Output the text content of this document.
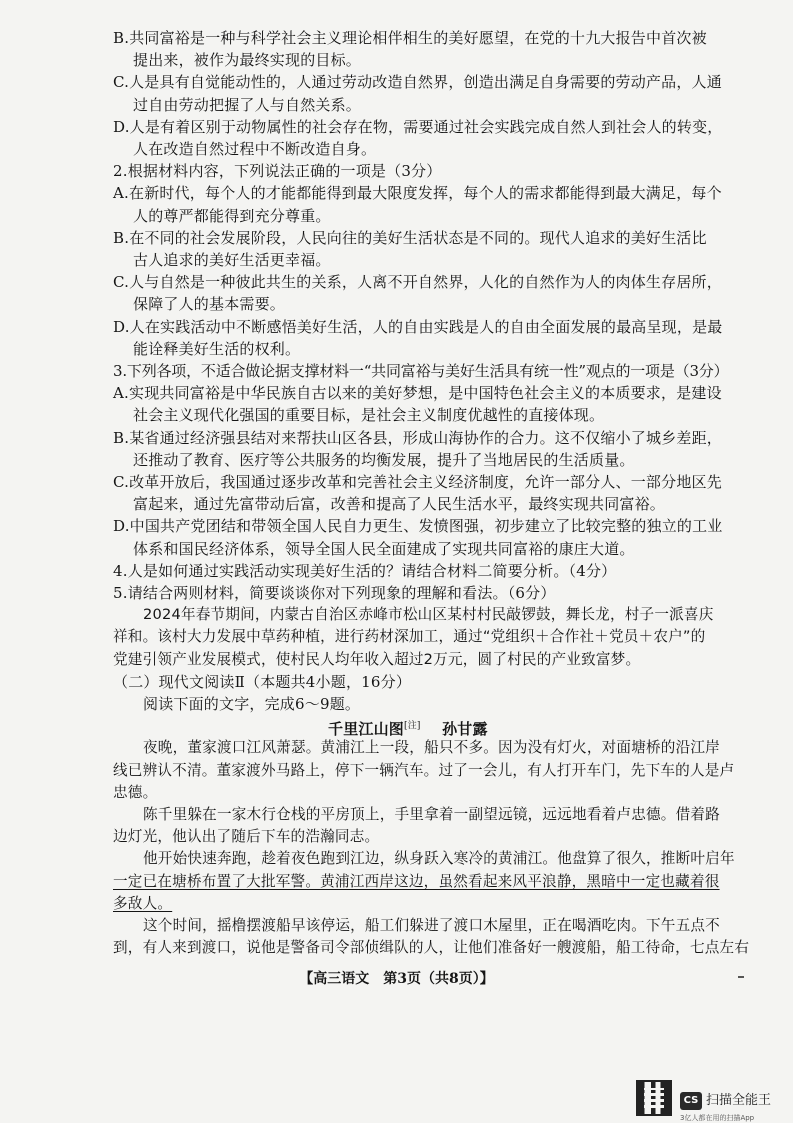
B.共同富裕是一种与科学社会主义理论相伴相生的美好愿望，在党的十九大报告中首次被
提出来，被作为最终实现的目标。
C.人是具有自觉能动性的，人通过劳动改造自然界，创造出满足自身需要的劳动产品，人通
过自由劳动把握了人与自然关系。
D.人是有着区别于动物属性的社会存在物，需要通过社会实践完成自然人到社会人的转变，
人在改造自然过程中不断改造自身。
2.根据材料内容，下列说法正确的一项是（3分）
A.在新时代，每个人的才能都能得到最大限度发挥，每个人的需求都能得到最大满足，每个
人的尊严都能得到充分尊重。
B.在不同的社会发展阶段，人民向往的美好生活状态是不同的。现代人追求的美好生活比
古人追求的美好生活更幸福。
C.人与自然是一种彼此共生的关系，人离不开自然界，人化的自然作为人的肉体生存居所，
保障了人的基本需要。
D.人在实践活动中不断感悟美好生活，人的自由实践是人的自由全面发展的最高呈现，是最
能诠释美好生活的权利。
3.下列各项，不适合做论据支撑材料一“共同富裕与美好生活具有统一性”观点的一项是（3分）
A.实现共同富裕是中华民族自古以来的美好梦想，是中国特色社会主义的本质要求，是建设
社会主义现代化强国的重要目标，是社会主义制度优越性的直接体现。
B.某省通过经济强县结对来帮扶山区各县，形成山海协作的合力。这不仅缩小了城乡差距，
还推动了教育、医疗等公共服务的均衡发展，提升了当地居民的生活质量。
C.改革开放后，我国通过逐步改革和完善社会主义经济制度，允许一部分人、一部分地区先
富起来，通过先富带动后富，改善和提高了人民生活水平，最终实现共同富裕。
D.中国共产党团结和带领全国人民自力更生、发愤图强，初步建立了比较完整的独立的工业
体系和国民经济体系，领导全国人民全面建成了实现共同富裕的康庄大道。
4.人是如何通过实践活动实现美好生活的？请结合材料二简要分析。（4分）
5.请结合两则材料，简要谈谈你对下列现象的理解和看法。（6分）
2024年春节期间，内蒙古自治区赤峰市松山区某村村民敲锣鼓，舞长龙，村子一派喜庆
祥和。该村大力发展中草药种植，进行药材深加工，通过“党组织＋合作社＋党员＋农户”的
党建引领产业发展模式，使村民人均年收入超过2万元，圆了村民的产业致富梦。
（二）现代文阅读Ⅱ（本题共4小题，16分）
阅读下面的文字，完成6～9题。
千里江山图[注] 孙甘露
夜晚，董家渡口江风萧瑟。黄浦江上一段，船只不多。因为没有灯火，对面塘桥的沿江岸
线已辨认不清。董家渡外马路上，停下一辆汽车。过了一会儿，有人打开车门，先下车的人是卢
忠德。
陈千里躲在一家木行仓栈的平房顶上，手里拿着一副望远镜，远远地看着卢忠德。借着路
边灯光，他认出了随后下车的浩瀚同志。
他开始快速奔跑，趁着夜色跑到江边，纵身跃入寒冷的黄浦江。他盘算了很久，推断叶启年
一定已在塘桥布置了大批军警。黄浦江西岸这边，虽然看起来风平浪静，黑暗中一定也藏着很
多敌人。
这个时间，摇橹摆渡船早该停运，船工们躲进了渡口木屋里，正在喝酒吃肉。下午五点不
到，有人来到渡口，说他是警备司令部侦缉队的人，让他们准备好一艘渡船，船工待命，七点左右
【高三语文　第3页（共8页）】
CS 扫描全能王
3亿人都在用的扫描App
